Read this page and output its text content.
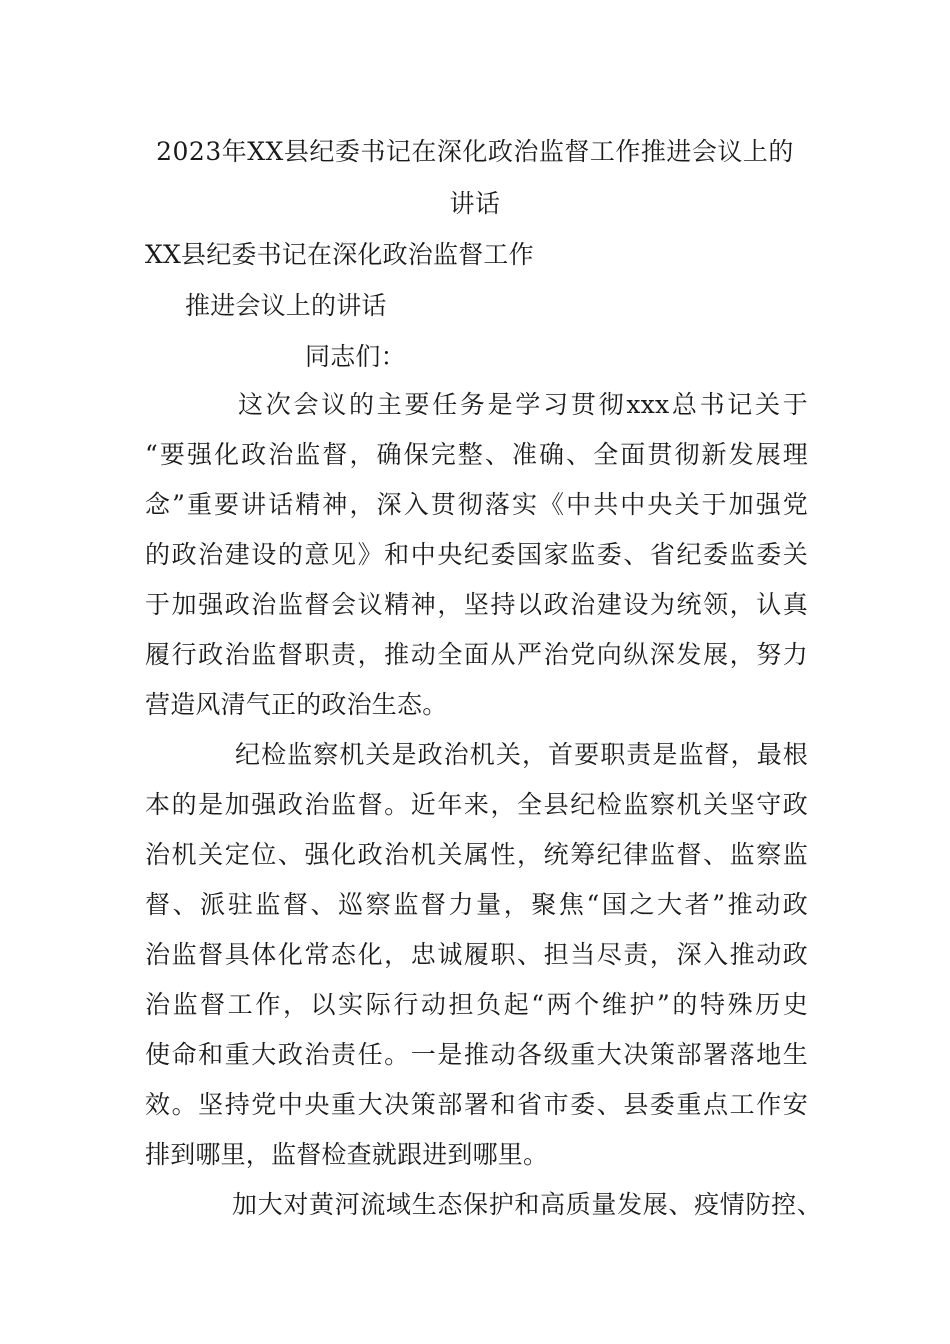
2023年XX县纪委书记在深化政治监督工作推进会议上的
讲话
XX县纪委书记在深化政治监督工作
推进会议上的讲话
同志们：
这次会议的主要任务是学习贯彻xxx总书记关于
“要强化政治监督，确保完整、准确、全面贯彻新发展理
念”重要讲话精神，深入贯彻落实《中共中央关于加强党
的政治建设的意见》和中央纪委国家监委、省纪委监委关
于加强政治监督会议精神，坚持以政治建设为统领，认真
履行政治监督职责，推动全面从严治党向纵深发展，努力
营造风清气正的政治生态。
纪检监察机关是政治机关，首要职责是监督，最根
本的是加强政治监督。近年来，全县纪检监察机关坚守政
治机关定位、强化政治机关属性，统筹纪律监督、监察监
督、派驻监督、巡察监督力量，聚焦“国之大者”推动政
治监督具体化常态化，忠诚履职、担当尽责，深入推动政
治监督工作，以实际行动担负起“两个维护”的特殊历史
使命和重大政治责任。一是推动各级重大决策部署落地生
效。坚持党中央重大决策部署和省市委、县委重点工作安
排到哪里，监督检查就跟进到哪里。
加大对黄河流域生态保护和高质量发展、疫情防控、
